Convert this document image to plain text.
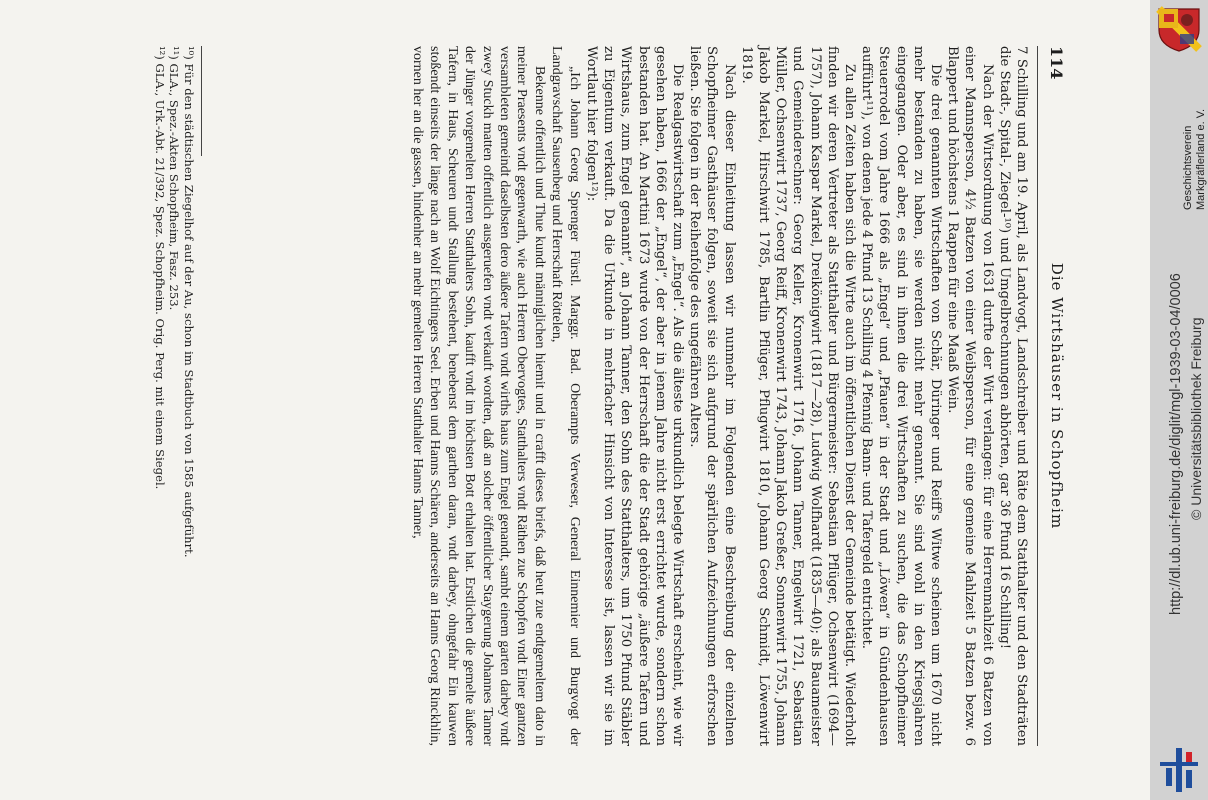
114
Die Wirtshäuser in Schopfheim

7 Schilling und am 19. April, als Landvogt, Landschreiber und Räte dem Statthalter und den Stadträten die Stadt-, Spital-, Ziegel-¹⁰) und Umgelbrechnungen abhörten, gar 36 Pfund 16 Schilling!

Nach der Wirtsordnung von 1631 durfte der Wirt verlangen: für eine Herrenmahlzeit 6 Batzen von einer Mannsperson, 4½ Batzen von einer Weibsperson, für eine gemeine Mahlzeit 5 Batzen bezw. 6 Blappert und höchstens 1 Rappen für eine Maaß Wein.

Die drei genannten Wirtschaften von Schär, Düringer und Reiff's Witwe scheinen um 1670 nicht mehr bestanden zu haben, sie werden nicht mehr genannt. Sie sind wohl in den Kriegsjahren eingegangen. Oder aber, es sind in ihnen die drei Wirtschaften zu suchen, die das Schopfheimer Steuerrodel vom Jahre 1666 als „Engel“ und „Pfauen“ in der Stadt und „Löwen“ in Gündenhausen aufführt¹¹), von denen jede 4 Pfund 13 Schilling 4 Pfennig Bann- und Tafergeld entrichtet.

Zu allen Zeiten haben sich die Wirte auch im öffentlichen Dienst der Gemeinde betätigt. Wiederholt finden wir deren Vertreter als Statthalter und Bürgermeister: Sebastian Pflüger, Ochsenwirt (1694—1757), Johann Kaspar Markel, Dreikönigwirt (1817—28), Ludwig Wolfhardt (1835—40); als Bauameister und Gemeinderechner: Georg Keller, Kronenwirt 1716, Johann Tanner, Engelwirt 1721, Sebastian Müller, Ochsenwirt 1737, Georg Reiff, Kronenwirt 1743, Johann Jakob Greßer, Sonnenwirt 1755, Johann Jakob Markel, Hirschwirt 1785, Bartlin Pflüger, Pflugwirt 1810, Johann Georg Schmidt, Löwenwirt 1819.

Nach dieser Einleitung lassen wir nunmehr im Folgenden eine Beschreibung der einzelnen Schopfheimer Gasthäuser folgen, soweit sie sich aufgrund der spärlichen Aufzeichnungen erforschen ließen. Sie folgen in der Reihenfolge des ungefähren Alters.

Die Realgastwirtschaft zum „Engel“. Als die älteste urkundlich belegte Wirtschaft erscheint, wie wir gesehen haben, 1666 der „Engel“, der aber in jenem Jahre nicht erst errichtet wurde, sondern schon bestanden hat. An Martini 1673 wurde von der Herrschaft die der Stadt gehörige „äußere Tafern und Wirtshaus, zum Engel genannt“, an Johann Tanner, den Sohn des Statthalters, um 1750 Pfund Stäbler zu Eigentum verkauft. Da die Urkunde in mehrfacher Hinsicht von Interesse ist, lassen wir sie im Wortlaut hier folgen¹²):

„Ich Johann Georg Sprenger Fürstl. Marggr. Bad. Oberampts Verweser, General Einnemier und Burgvogt der Landgravschaft Sausenberg und Herrschaft Röttelen,

Bekenne offentlich und Thue kundt männiglichen hiemit und in crafft dieses briefs, daß heut zue endtgemeltem dato in meiner Praesents vndt gegenwarth, wie auch Herren Obervogtes, Statthalters vndt Räthen zue Schopfen vndt Einer gantzen versambleten gemeindt daselbsten dero äußere Tafern vndt wirths haus zum Engel genandt, sambt einem garten darbey vndt zwey Stuckh matten offentlich ausgeruefen vndt verkauft wordten, daß an solcher öffentlicher Staygerung Johannes Tanner der Jünger vorgemelten Herren Statthalters Sohn, kaufft vndt im höchsten Bott erhalten hat. Erstlichen die gemelte äußere Tafern, in Haus, Scheuren undt Stallung bestehent, benebenst dem garthen daran, vndt darbey, ohngefahr Ein kauwen stoßendt einseits der länge nach an Wolf Eichtingers Seel. Erben und Hanns Schären, anderseits an Hanns Georg Rinckhlin, vornen her an die gassen, hindenher an mehr gemelten Herren Statthalter Hanns Tanner,

¹⁰) Für den städtischen Ziegelhof auf der Au, schon im Stadtbuch von 1585 aufgeführt.
¹¹) GLA., Spez.-Akten Schopfheim, Fasz. 253.
¹²) GLA., Urk.-Abt. 21/392, Spez. Schopfheim. Orig. Perg. mit einem Siegel.	Geschichtsverein Markgräflerland e. V.
http://dl.ub.uni-freiburg.de/diglit/mgl-1939-03-04/0006 © Universitätsbibliothek Freiburg
